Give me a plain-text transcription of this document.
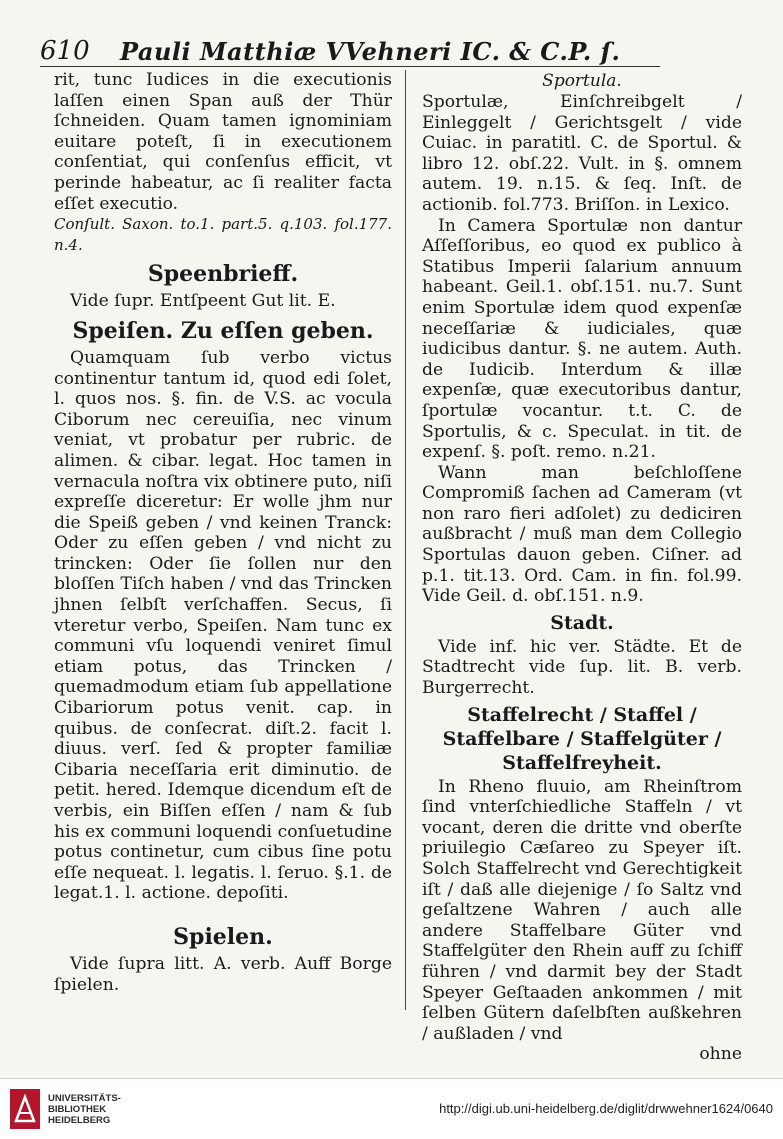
610	Pauli Matthiæ VVehneri IC. & C.P. ſ.

rit, tunc Iudices in die executionis laſſen einen Span auß der Thür ſchneiden. Quam tamen ignominiam euitare poteſt, ſi in executionem conſentiat, qui conſenſus efficit, vt perinde habeatur, ac ſi realiter facta eſſet executio.

Conſult. Saxon. to.1. part.5. q.103. fol.177. n.4.

Speenbrieff.

Vide ſupr. Entſpeent Gut lit. E.

Speiſen. Zu eſſen geben.

Quamquam ſub verbo victus continentur tantum id, quod edi ſolet, l. quos nos. §. fin. de V.S. ac vocula Ciborum nec cereuiſia, nec vinum veniat, vt probatur per rubric. de alimen. & cibar. legat. Hoc tamen in vernacula noſtra vix obtinere puto, niſi expreſſe diceretur: Er wolle jhm nur die Speiß geben / vnd keinen Tranck: Oder zu eſſen geben / vnd nicht zu trincken: Oder ſie ſollen nur den bloſſen Tiſch haben / vnd das Trincken jhnen ſelbſt verſchaffen. Secus, ſi vteretur verbo, Speiſen. Nam tunc ex communi vſu loquendi veniret ſimul etiam potus, das Trincken / quemadmodum etiam ſub appellatione Cibariorum potus venit. cap. in quibus. de conſecrat. diſt.2. facit l. diuus. verſ. ſed & propter familiæ Cibaria neceſſaria erit diminutio. de petit. hered. Idemque dicendum eſt de verbis, ein Biſſen eſſen / nam & ſub his ex communi loquendi conſuetudine potus continetur, cum cibus ſine potu eſſe nequeat. l. legatis. l. ſeruo. §.1. de legat.1. l. actione. depoſiti.

Spielen.

Vide ſupra litt. A. verb. Auff Borge ſpielen.

Sportula.

Sportulæ, Einſchreibgelt / Einleggelt / Gerichtsgelt / vide Cuiac. in paratitl. C. de Sportul. & libro 12. obſ.22. Vult. in §. omnem autem. 19. n.15. & ſeq. Inſt. de actionib. fol.773. Briſſon. in Lexico.

In Camera Sportulæ non dantur Aſſeſſoribus, eo quod ex publico à Statibus Imperii ſalarium annuum habeant. Geil.1. obſ.151. nu.7. Sunt enim Sportulæ idem quod expenſæ neceſſariæ & iudiciales, quæ iudicibus dantur. §. ne autem. Auth. de Iudicib. Interdum & illæ expenſæ, quæ executoribus dantur, ſportulæ vocantur. t.t. C. de Sportulis, & c. Speculat. in tit. de expenſ. §. poſt. remo. n.21.

Wann man beſchloſſene Compromiß ſachen ad Cameram (vt non raro fieri adſolet) zu dediciren außbracht / muß man dem Collegio Sportulas dauon geben. Ciſner. ad p.1. tit.13. Ord. Cam. in fin. fol.99. Vide Geil. d. obſ.151. n.9.

Stadt.

Vide inf. hic ver. Städte. Et de Stadtrecht vide ſup. lit. B. verb. Burgerrecht.

Staffelrecht / Staffel / Staffelbare / Staffelgüter / Staffelfreyheit.

In Rheno fluuio, am Rheinſtrom ſind vnterſchiedliche Staffeln / vt vocant, deren die dritte vnd oberſte priuilegio Cæſareo zu Speyer iſt. Solch Staffelrecht vnd Gerechtigkeit iſt / daß alle diejenige / ſo Saltz vnd geſaltzene Wahren / auch alle andere Staffelbare Güter vnd Staffelgüter den Rhein auff zu ſchiff führen / vnd darmit bey der Stadt Speyer Geſtaaden ankommen / mit ſelben Gütern daſelbſten außkehren / außladen / vnd

ohne

UNIVERSITÄTS-
BIBLIOTHEK
HEIDELBERG
http://digi.ub.uni-heidelberg.de/diglit/drwwehner1624/0640
